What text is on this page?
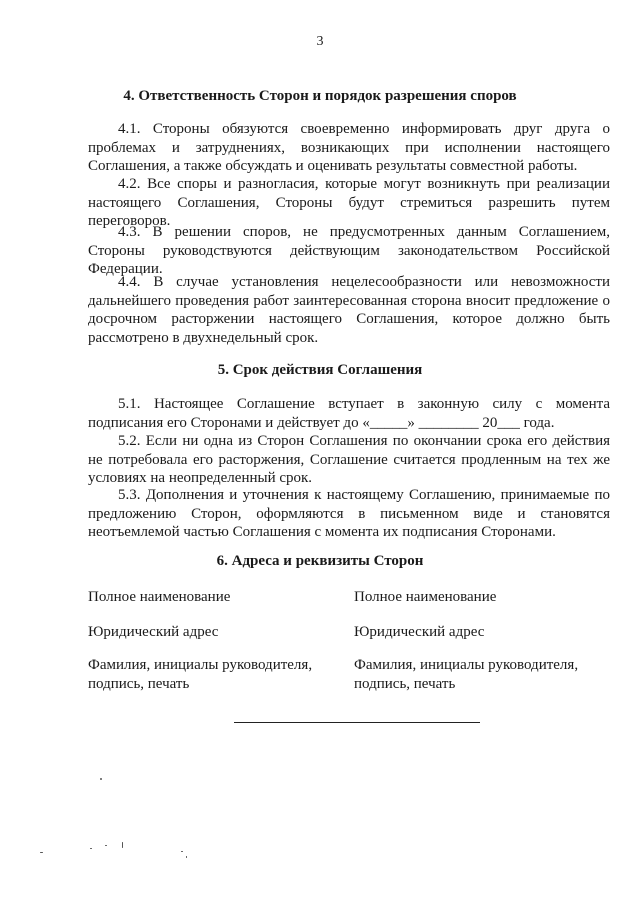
3
4. Ответственность Сторон и порядок разрешения споров

4.1. Стороны обязуются своевременно информировать друг друга о проблемах и затруднениях, возникающих при исполнении настоящего Соглашения, а также обсуждать и оценивать результаты совместной работы.

4.2. Все споры и разногласия, которые могут возникнуть при реализации настоящего Соглашения, Стороны будут стремиться разрешить путем переговоров.

4.3. В решении споров, не предусмотренных данным Соглашением, Стороны руководствуются действующим законодательством Российской Федерации.

4.4. В случае установления нецелесообразности или невозможности дальнейшего проведения работ заинтересованная сторона вносит предложение о досрочном расторжении настоящего Соглашения, которое должно быть рассмотрено в двухнедельный срок.

5. Срок действия Соглашения

5.1. Настоящее Соглашение вступает в законную силу с момента подписания его Сторонами и действует до «_____» ________ 20___ года.

5.2. Если ни одна из Сторон Соглашения по окончании срока его действия не потребовала его расторжения, Соглашение считается продленным на тех же условиях на неопределенный срок.

5.3. Дополнения и уточнения к настоящему Соглашению, принимаемые по предложению Сторон, оформляются в письменном виде и становятся неотъемлемой частью Соглашения с момента их подписания Сторонами.

6. Адреса и реквизиты Сторон

Полное наименование	Полное наименование

Юридический адрес	Юридический адрес

Фамилия, инициалы руководителя, подпись, печать

Фамилия, инициалы руководителя, подпись, печать
